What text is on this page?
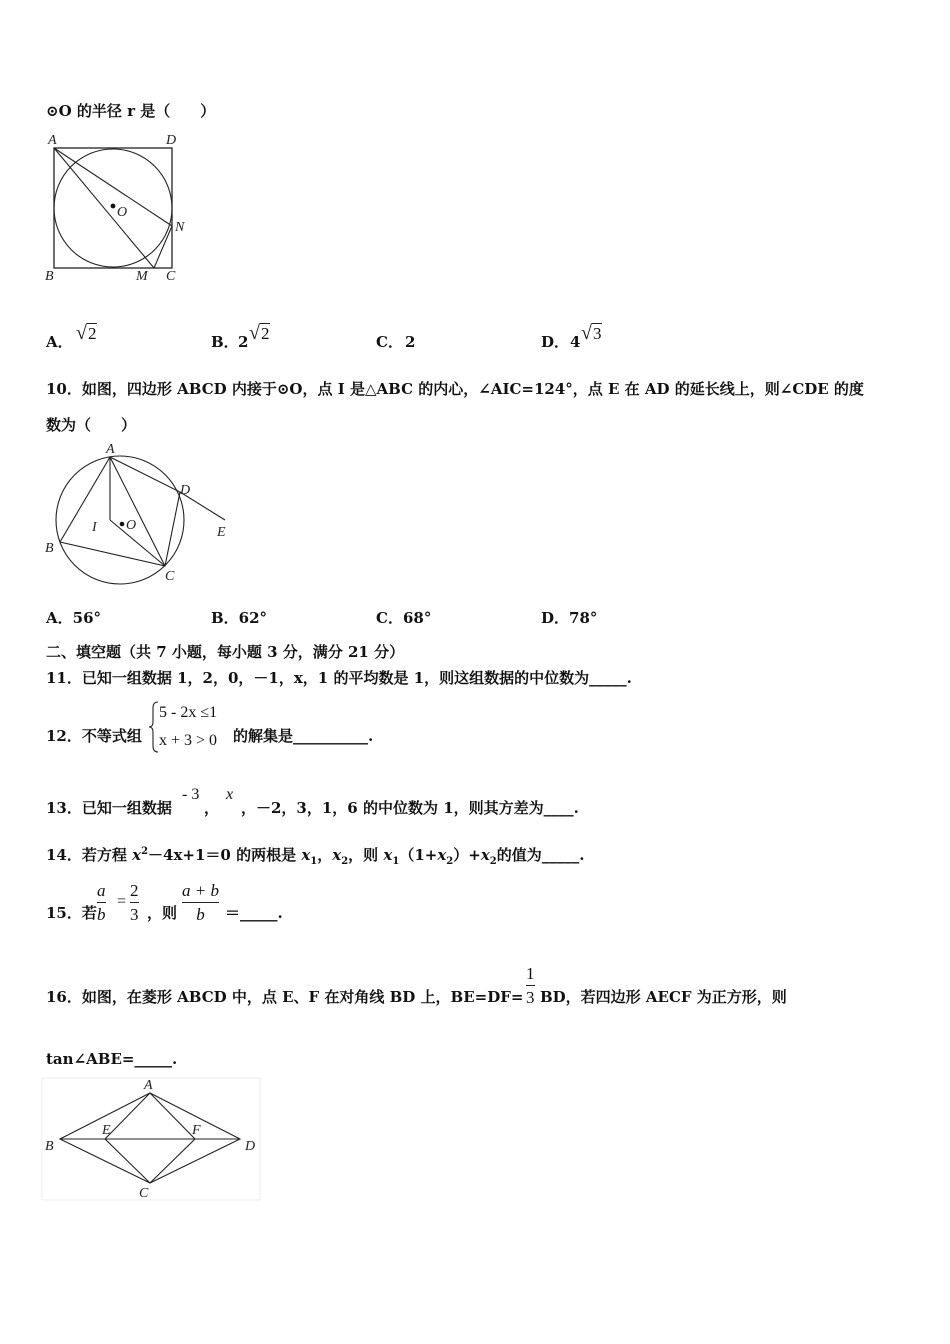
⊙O 的半径 r 是（　　）
A	D
O
N
B	M C
A． √2	B． 2 √2	C． 2	D． 4 √3
10．如图，四边形 ABCD 内接于⊙O，点 I 是△ABC 的内心，∠AIC=124°，点 E 在 AD 的延长线上，则∠CDE 的度
数为（　　）
A
D
I O	E
B
C
A．56°	B．62°	C．68°	D．78°
二、填空题（共 7 小题，每小题 3 分，满分 21 分）
11．已知一组数据 1，2，0，－1，x，1 的平均数是 1，则这组数据的中位数为_____.
12．不等式组
5 - 2x ≤1
x + 3 > 0 的解集是__________.
13．已知一组数据
- 3
，
x
，－2，3，1，6 的中位数为 1，则其方差为____.
14．若方程 $x^2-4x+1=0$ 的两根是 $x_1$，$x_2$，则 $x_1(1+x_2)+x_2$的值为_____.
15．若 $\frac{a}{b} = \frac{2}{3}$ ，则 $\frac{a + b}{b}$ ＝_____.
16．如图，在菱形 ABCD 中，点 E、F 在对角线 BD 上，$BE=DF= \frac{1}{3}$ BD，若四边形 AECF 为正方形，则
tan∠ABE=_____.
A
B
E	F
D
C
